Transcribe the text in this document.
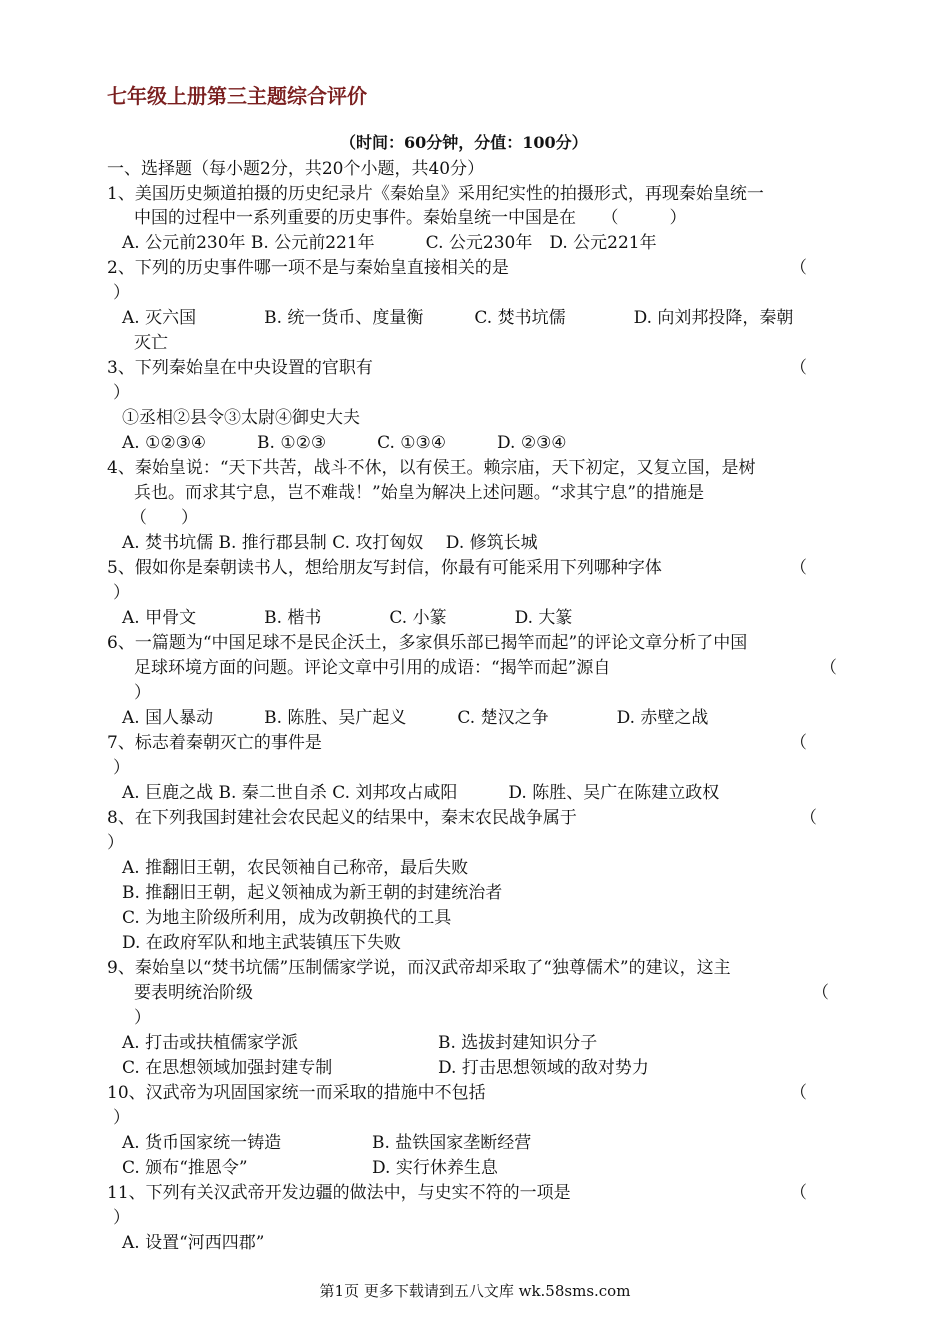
七年级上册第三主题综合评价
（时间：60分钟，分值：100分）
一、选择题（每小题2分，共20个小题，共40分）
1、美国历史频道拍摄的历史纪录片《秦始皇》采用纪实性的拍摄形式，再现秦始皇统一
中国的过程中一系列重要的历史事件。秦始皇统一中国是在　　（　　　）
A. 公元前230年 B. 公元前221年　　　C. 公元230年　D. 公元221年
2、下列的历史事件哪一项不是与秦始皇直接相关的是	（
）
A. 灭六国　　　　B. 统一货币、度量衡　　　C. 焚书坑儒　　　　D. 向刘邦投降，秦朝
灭亡
3、下列秦始皇在中央设置的官职有	（
）
①丞相②县令③太尉④御史大夫
A. ①②③④　　　B. ①②③　　　C. ①③④　　　D. ②③④
4、秦始皇说：“天下共苦，战斗不休，以有侯王。赖宗庙，天下初定，又复立国，是树
兵也。而求其宁息，岂不难哉！”始皇为解决上述问题。“求其宁息”的措施是
（　　）
A. 焚书坑儒 B. 推行郡县制 C. 攻打匈奴　 D. 修筑长城
5、假如你是秦朝读书人，想给朋友写封信，你最有可能采用下列哪种字体	（
）
A. 甲骨文　　　　B. 楷书　　　　C. 小篆　　　　D. 大篆
6、一篇题为“中国足球不是民企沃土，多家俱乐部已揭竿而起”的评论文章分析了中国
足球环境方面的问题。评论文章中引用的成语：“揭竿而起”源自	（
）
A. 国人暴动　　　B. 陈胜、吴广起义　　　C. 楚汉之争　　　　D. 赤壁之战
7、标志着秦朝灭亡的事件是	（
）
A. 巨鹿之战 B. 秦二世自杀 C. 刘邦攻占咸阳　　　D. 陈胜、吴广在陈建立政权
8、在下列我国封建社会农民起义的结果中，秦末农民战争属于	（
）
A. 推翻旧王朝，农民领袖自己称帝，最后失败
B. 推翻旧王朝，起义领袖成为新王朝的封建统治者
C. 为地主阶级所利用，成为改朝换代的工具
D. 在政府军队和地主武装镇压下失败
9、秦始皇以“焚书坑儒”压制儒家学说，而汉武帝却采取了“独尊儒术”的建议，这主
要表明统治阶级	（
）
A. 打击或扶植儒家学派	B. 选拔封建知识分子
C. 在思想领域加强封建专制	D. 打击思想领域的敌对势力
10、汉武帝为巩固国家统一而采取的措施中不包括	（
）
A. 货币国家统一铸造	B. 盐铁国家垄断经营
C. 颁布“推恩令”	D. 实行休养生息
11、下列有关汉武帝开发边疆的做法中，与史实不符的一项是	（
）
A. 设置“河西四郡”
第1页 更多下载请到五八文库 wk.58sms.com
